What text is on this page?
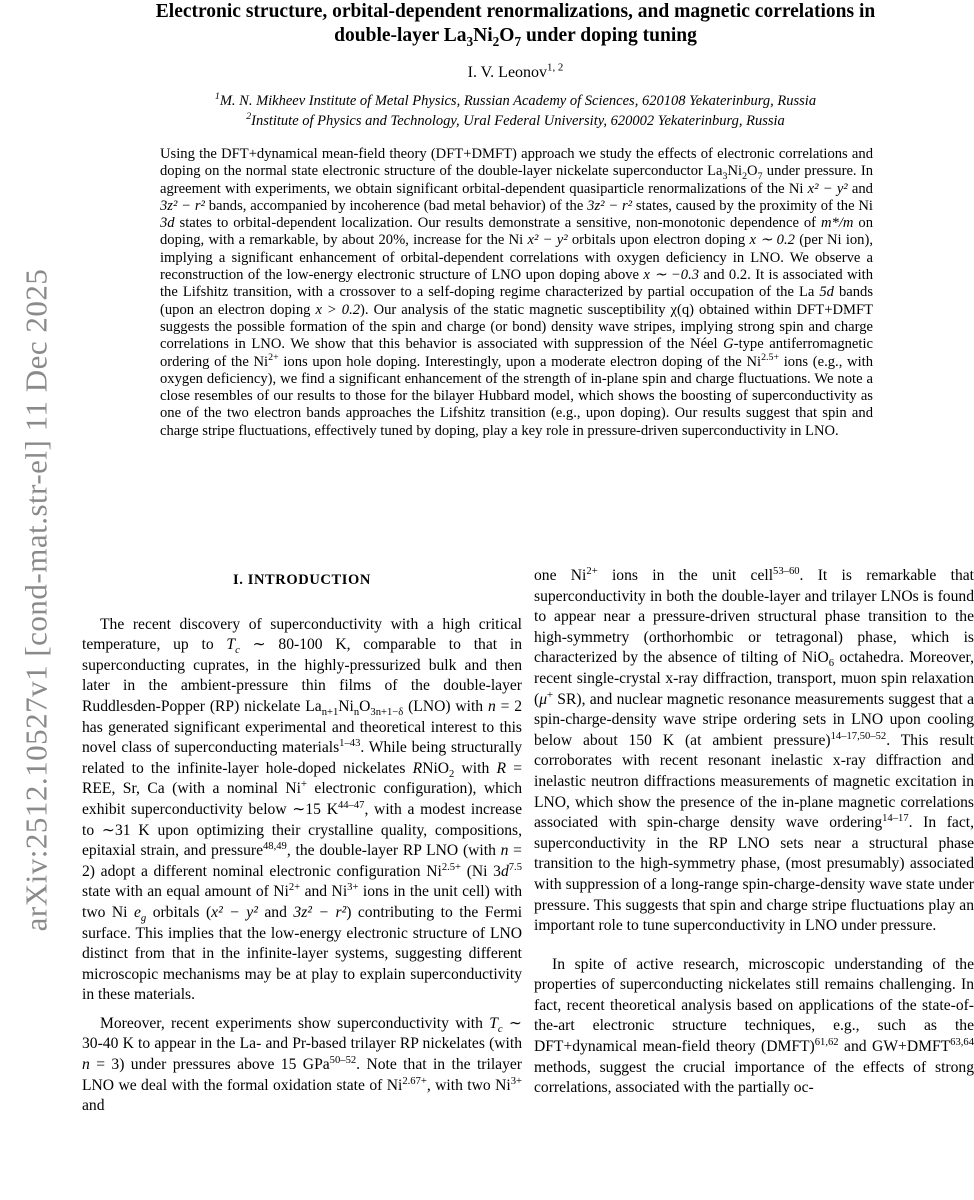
arXiv:2512.10527v1 [cond-mat.str-el] 11 Dec 2025
Electronic structure, orbital-dependent renormalizations, and magnetic correlations in
double-layer $La_3Ni_2O_7$ under doping tuning
I. V. Leonov$^{1, 2}$
$^1$M. N. Mikheev Institute of Metal Physics, Russian Academy of Sciences, 620108 Yekaterinburg, Russia
$^2$Institute of Physics and Technology, Ural Federal University, 620002 Yekaterinburg, Russia
Using the DFT+dynamical mean-field theory (DFT+DMFT) approach we study the effects of electronic correlations and doping on the normal state electronic structure of the double-layer nickelate superconductor $La_3Ni_2O_7$ under pressure. In agreement with experiments, we obtain significant orbital-dependent quasiparticle renormalizations of the Ni x² − y² and 3z² − r² bands, accompanied by incoherence (bad metal behavior) of the 3z² − r² states, caused by the proximity of the Ni 3d states to orbital-dependent localization. Our results demonstrate a sensitive, non-monotonic dependence of m*/m on doping, with a remarkable, by about 20%, increase for the Ni x² − y² orbitals upon electron doping x ∼ 0.2 (per Ni ion), implying a significant enhancement of orbital-dependent correlations with oxygen deficiency in LNO. We observe a reconstruction of the low-energy electronic structure of LNO upon doping above x ∼ −0.3 and 0.2. It is associated with the Lifshitz transition, with a crossover to a self-doping regime characterized by partial occupation of the La 5d bands (upon an electron doping x > 0.2). Our analysis of the static magnetic susceptibility χ(q) obtained within DFT+DMFT suggests the possible formation of the spin and charge (or bond) density wave stripes, implying strong spin and charge correlations in LNO. We show that this behavior is associated with suppression of the Néel G-type antiferromagnetic ordering of the $Ni^{2+}$ ions upon hole doping. Interestingly, upon a moderate electron doping of the $Ni^{2.5+}$ ions (e.g., with oxygen deficiency), we find a significant enhancement of the strength of in-plane spin and charge fluctuations. We note a close resembles of our results to those for the bilayer Hubbard model, which shows the boosting of superconductivity as one of the two electron bands approaches the Lifshitz transition (e.g., upon doping). Our results suggest that spin and charge stripe fluctuations, effectively tuned by doping, play a key role in pressure-driven superconductivity in LNO.
I. INTRODUCTION

The recent discovery of superconductivity with a high critical temperature, up to $T_c$ ∼ 80-100 K, comparable to that in superconducting cuprates, in the highly-pressurized bulk and then later in the ambient-pressure thin films of the double-layer Ruddlesden-Popper (RP) nickelate $La_{n+1}Ni_nO_{3n+1-\delta}$ (LNO) with n = 2 has generated significant experimental and theoretical interest to this novel class of superconducting materials$^{1-43}$. While being structurally related to the infinite-layer hole-doped nickelates RNiO$_2$ with R = REE, Sr, Ca (with a nominal Ni+ electronic configuration), which exhibit superconductivity below ∼15 $K^{44-47}$, with a modest increase to ∼31 K upon optimizing their crystalline quality, compositions, epitaxial strain, and pressure$^{48,49}$, the double-layer RP LNO (with n = 2) adopt a different nominal electronic configuration $Ni^{2.5+}$ (Ni $3d^{7.5}$ state with an equal amount of $Ni^{2+}$ and $Ni^{3+}$ ions in the unit cell) with two Ni $e_g$ orbitals (x² − y² and 3z² − r²) contributing to the Fermi surface. This implies that the low-energy electronic structure of LNO distinct from that in the infinite-layer systems, suggesting different microscopic mechanisms may be at play to explain superconductivity in these materials.

Moreover, recent experiments show superconductivity with $T_c$ ∼ 30-40 K to appear in the La- and Pr-based trilayer RP nickelates (with n = 3) under pressures above 15 GPa$^{50-52}$. Note that in the trilayer LNO we deal with the formal oxidation state of $Ni^{2.67+}$, with two $Ni^{3+}$ and

one $Ni^{2+}$ ions in the unit cell$^{53-60}$. It is remarkable that superconductivity in both the double-layer and trilayer LNOs is found to appear near a pressure-driven structural phase transition to the high-symmetry (orthorhombic or tetragonal) phase, which is characterized by the absence of tilting of NiO$_6$ octahedra. Moreover, recent single-crystal x-ray diffraction, transport, muon spin relaxation (μ+ SR), and nuclear magnetic resonance measurements suggest that a spin-charge-density wave stripe ordering sets in LNO upon cooling below about 150 K (at ambient pressure)$^{14-17,50-52}$. This result corroborates with recent resonant inelastic x-ray diffraction and inelastic neutron diffractions measurements of magnetic excitation in LNO, which show the presence of the in-plane magnetic correlations associated with spin-charge density wave ordering$^{14-17}$. In fact, superconductivity in the RP LNO sets near a structural phase transition to the high-symmetry phase, (most presumably) associated with suppression of a long-range spin-charge-density wave state under pressure. This suggests that spin and charge stripe fluctuations play an important role to tune superconductivity in LNO under pressure.

In spite of active research, microscopic understanding of the properties of superconducting nickelates still remains challenging. In fact, recent theoretical analysis based on applications of the state-of-the-art electronic structure techniques, e.g., such as the DFT+dynamical mean-field theory (DMFT)$^{61,62}$ and GW+DMFT$^{63,64}$ methods, suggest the crucial importance of the effects of strong correlations, associated with the partially oc-
